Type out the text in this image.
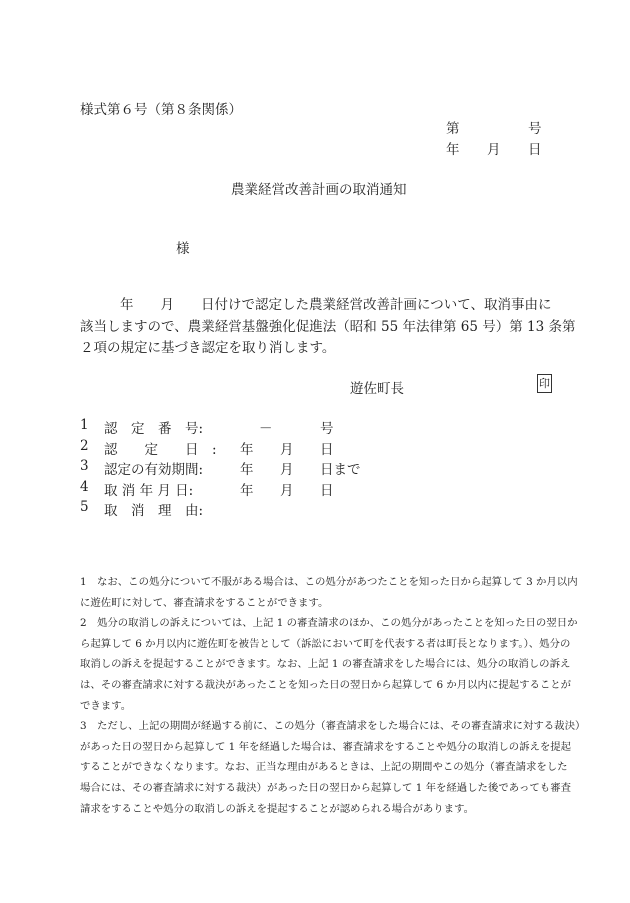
様式第６号（第８条関係）
第	号
年 月 日
農業経営改善計画の取消通知
様
年　　月　　日付けで認定した農業経営改善計画について、取消事由に
該当しますので、農業経営基盤強化促進法（昭和 55 年法律第 65 号）第 13 条第
２項の規定に基づき認定を取り消します。
遊佐町長	印
1 認　定　番　号:	－	号
2 認　　定　　日　: 年 月 日
3 認定の有効期間:	年 月 日まで
4 取 消 年 月 日:	年 月 日
5 取　消　理　由:
1　なお、この処分について不服がある場合は、この処分があつたことを知った日から起算して 3 か月以内
に遊佐町に対して、審査請求をすることができます。
2　処分の取消しの訴えについては、上記 1 の審査請求のほか、この処分があったことを知った日の翌日か
ら起算して 6 か月以内に遊佐町を被告として（訴訟において町を代表する者は町長となります。）、処分の
取消しの訴えを提起することができます。なお、上記 1 の審査請求をした場合には、処分の取消しの訴え
は、その審査請求に対する裁決があったことを知った日の翌日から起算して 6 か月以内に提起することが
できます。
3　ただし、上記の期間が経過する前に、この処分（審査請求をした場合には、その審査請求に対する裁決）
があった日の翌日から起算して 1 年を経過した場合は、審査請求をすることや処分の取消しの訴えを提起
することができなくなります。なお、正当な理由があるときは、上記の期間やこの処分（審査請求をした
場合には、その審査請求に対する裁決）があった日の翌日から起算して 1 年を経過した後であっても審査
請求をすることや処分の取消しの訴えを提起することが認められる場合があります。
